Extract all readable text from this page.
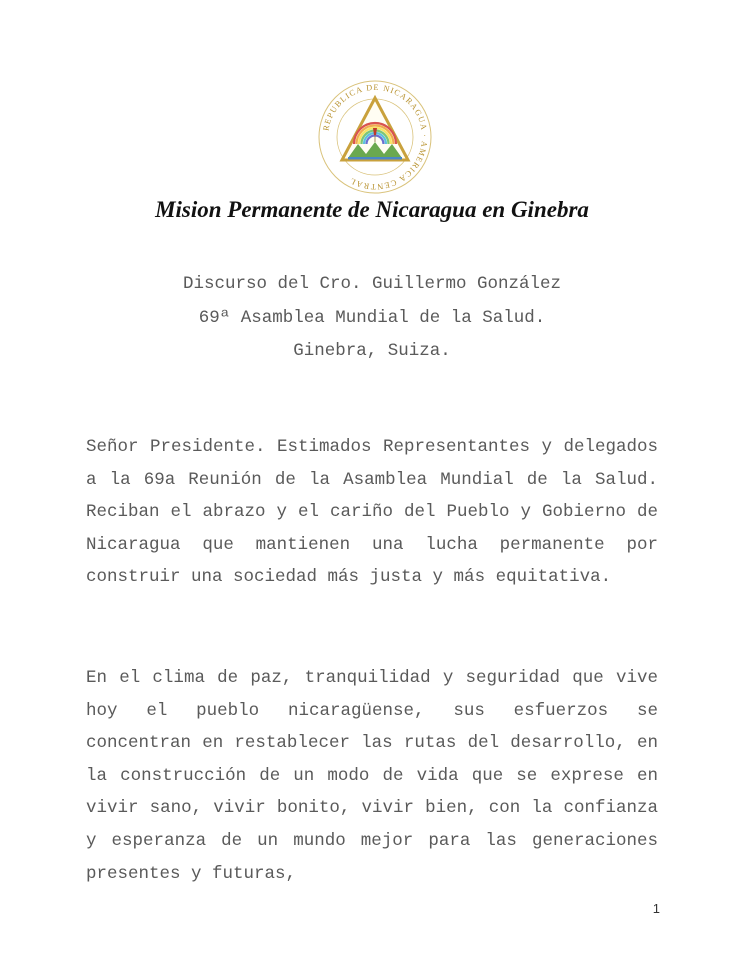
REPUBLICA DE NICARAGUA · AMERICA CENTRAL
Mision Permanente de Nicaragua en Ginebra
Discurso del Cro. Guillermo González
69ª Asamblea Mundial de la Salud.
Ginebra, Suiza.

Señor Presidente. Estimados Representantes y delegados a la 69a Reunión de la Asamblea Mundial de la Salud. Reciban el abrazo y el cariño del Pueblo y Gobierno de Nicaragua que mantienen una lucha permanente por construir una sociedad más justa y más equitativa.

En el clima de paz, tranquilidad y seguridad que vive hoy el pueblo nicaragüense, sus esfuerzos se concentran en restablecer las rutas del desarrollo, en la construcción de un modo de vida que se exprese en vivir sano, vivir bonito, vivir bien, con la confianza y esperanza de un mundo mejor para las generaciones presentes y futuras,

1
